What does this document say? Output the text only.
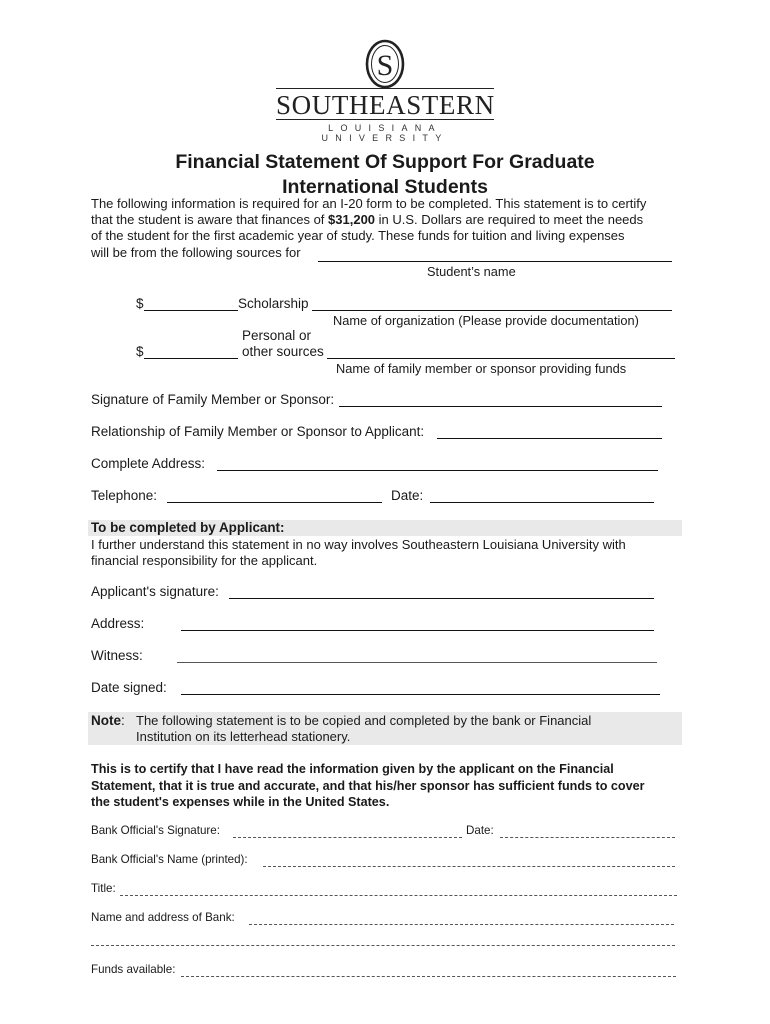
S
SOUTHEASTERN
LOUISIANA UNIVERSITY
Financial Statement Of Support For Graduate
International Students
The following information is required for an I-20 form to be completed. This statement is to certify
that the student is aware that finances of $31,200 in U.S. Dollars are required to meet the needs
of the student for the first academic year of study. These funds for tuition and living expenses
will be from the following sources for
Student’s name
$	Scholarship
Name of organization (Please provide documentation)
Personal or
$	other sources
Name of family member or sponsor providing funds
Signature of Family Member or Sponsor:
Relationship of Family Member or Sponsor to Applicant:
Complete Address:
Telephone:	Date:
To be completed by Applicant:
I further understand this statement in no way involves Southeastern Louisiana University with
financial responsibility for the applicant.
Applicant's signature:
Address:
Witness:
Date signed:
Note: The following statement is to be copied and completed by the bank or Financial
Institution on its letterhead stationery.
This is to certify that I have read the information given by the applicant on the Financial
Statement, that it is true and accurate, and that his/her sponsor has sufficient funds to cover
the student's expenses while in the United States.
Bank Official's Signature:	Date:
Bank Official's Name (printed):
Title:
Name and address of Bank:
Funds available:
